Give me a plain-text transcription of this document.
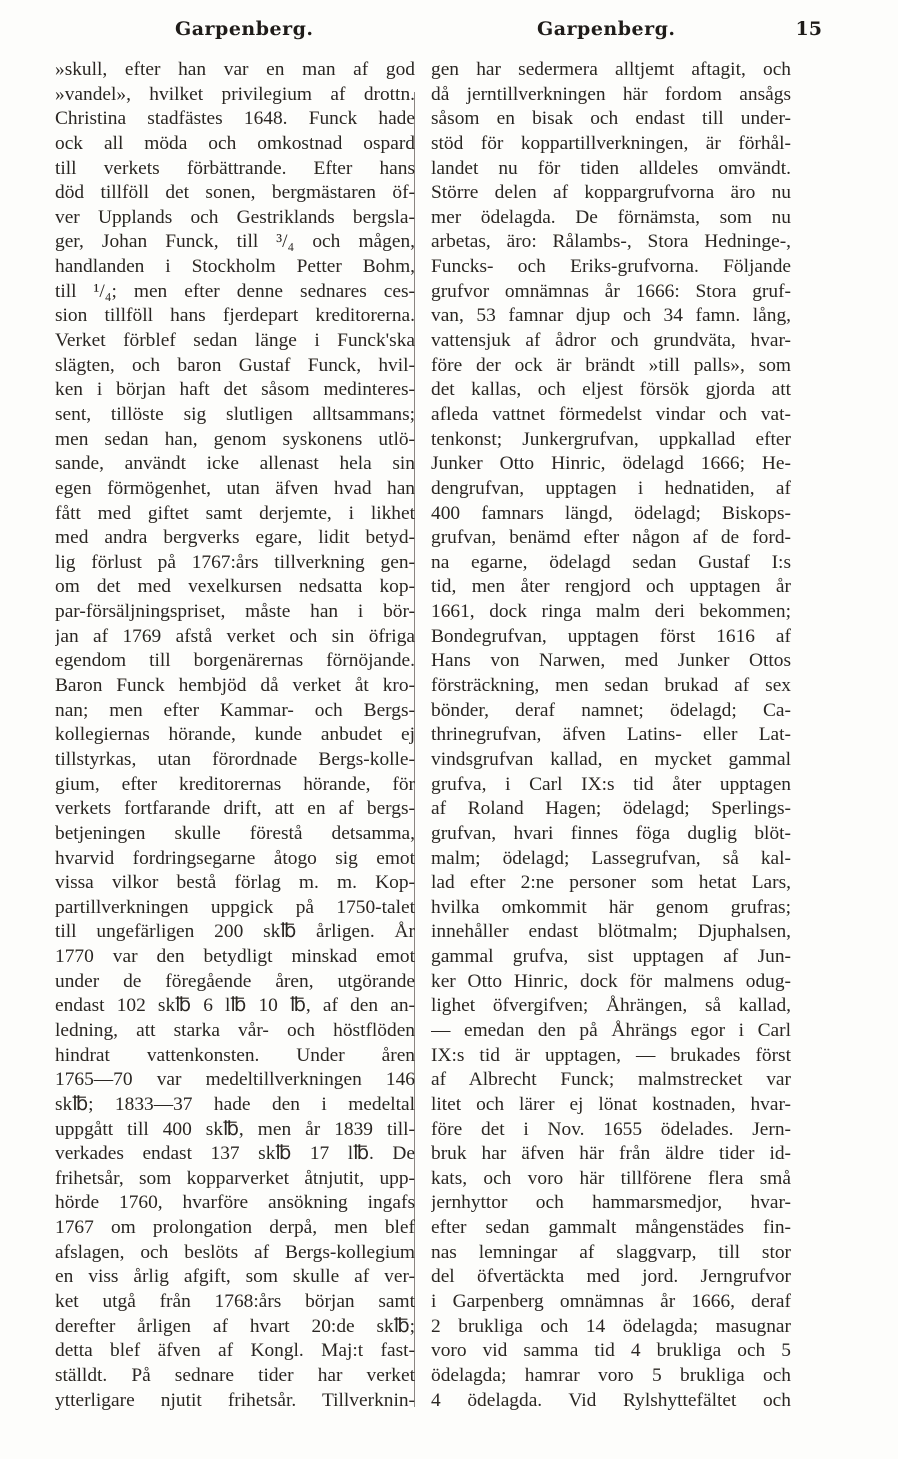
Garpenberg.	Garpenberg.	15
»skull, efter han var en man af god
»vandel», hvilket privilegium af drottn.
Christina stadfästes 1648. Funck hade
ock all möda och omkostnad ospard
till verkets förbättrande. Efter hans
död tillföll det sonen, bergmästaren öf-
ver Upplands och Gestriklands bergsla-
ger, Johan Funck, till ³/₄ och mågen,
handlanden i Stockholm Petter Bohm,
till ¹/₄; men efter denne sednares ces-
sion tillföll hans fjerdepart kreditorerna.
Verket förblef sedan länge i Funck'ska
slägten, och baron Gustaf Funck, hvil-
ken i början haft det såsom medinteres-
sent, tillöste sig slutligen alltsammans;
men sedan han, genom syskonens utlö-
sande, användt icke allenast hela sin
egen förmögenhet, utan äfven hvad han
fått med giftet samt derjemte, i likhet
med andra bergverks egare, lidit betyd-
lig förlust på 1767:års tillverkning gen-
om det med vexelkursen nedsatta kop-
par-försäljningspriset, måste han i bör-
jan af 1769 afstå verket och sin öfriga
egendom till borgenärernas förnöjande.
Baron Funck hembjöd då verket åt kro-
nan; men efter Kammar- och Bergs-
kollegiernas hörande, kunde anbudet ej
tillstyrkas, utan förordnade Bergs-kolle-
gium, efter kreditorernas hörande, för
verkets fortfarande drift, att en af bergs-
betjeningen skulle förestå detsamma,
hvarvid fordringsegarne åtogo sig emot
vissa vilkor bestå förlag m. m. Kop-
partillverkningen uppgick på 1750-talet
till ungefärligen 200 sk℔ årligen. År
1770 var den betydligt minskad emot
under de föregående åren, utgörande
endast 102 sk℔ 6 l℔ 10 ℔, af den an-
ledning, att starka vår- och höstflöden
hindrat vattenkonsten. Under åren
1765—70 var medeltillverkningen 146
sk℔; 1833—37 hade den i medeltal
uppgått till 400 sk℔, men år 1839 till-
verkades endast 137 sk℔ 17 l℔. De
frihetsår, som kopparverket åtnjutit, upp-
hörde 1760, hvarföre ansökning ingafs
1767 om prolongation derpå, men blef
afslagen, och beslöts af Bergs-kollegium
en viss årlig afgift, som skulle af ver-
ket utgå från 1768:års början samt
derefter årligen af hvart 20:de sk℔;
detta blef äfven af Kongl. Maj:t fast-
ställdt. På sednare tider har verket
ytterligare njutit frihetsår. Tillverknin-
gen har sedermera alltjemt aftagit, och
då jerntillverkningen här fordom ansågs
såsom en bisak och endast till under-
stöd för koppartillverkningen, är förhål-
landet nu för tiden alldeles omvändt.
Större delen af koppargrufvorna äro nu
mer ödelagda. De förnämsta, som nu
arbetas, äro: Rålambs-, Stora Hedninge-,
Funcks- och Eriks-grufvorna. Följande
grufvor omnämnas år 1666: Stora gruf-
van, 53 famnar djup och 34 famn. lång,
vattensjuk af ådror och grundväta, hvar-
före der ock är brändt »till palls», som
det kallas, och eljest försök gjorda att
afleda vattnet förmedelst vindar och vat-
tenkonst; Junkergrufvan, uppkallad efter
Junker Otto Hinric, ödelagd 1666; He-
dengrufvan, upptagen i hednatiden, af
400 famnars längd, ödelagd; Biskops-
grufvan, benämd efter någon af de ford-
na egarne, ödelagd sedan Gustaf I:s
tid, men åter rengjord och upptagen år
1661, dock ringa malm deri bekommen;
Bondegrufvan, upptagen först 1616 af
Hans von Narwen, med Junker Ottos
försträckning, men sedan brukad af sex
bönder, deraf namnet; ödelagd; Ca-
thrinegrufvan, äfven Latins- eller Lat-
vindsgrufvan kallad, en mycket gammal
grufva, i Carl IX:s tid åter upptagen
af Roland Hagen; ödelagd; Sperlings-
grufvan, hvari finnes föga duglig blöt-
malm; ödelagd; Lassegrufvan, så kal-
lad efter 2:ne personer som hetat Lars,
hvilka omkommit här genom grufras;
innehåller endast blötmalm; Djuphalsen,
gammal grufva, sist upptagen af Jun-
ker Otto Hinric, dock för malmens odug-
lighet öfvergifven; Åhrängen, så kallad,
— emedan den på Åhrängs egor i Carl
IX:s tid är upptagen, — brukades först
af Albrecht Funck; malmstrecket var
litet och lärer ej lönat kostnaden, hvar-
före det i Nov. 1655 ödelades. Jern-
bruk har äfven här från äldre tider id-
kats, och voro här tillförene flera små
jernhyttor och hammarsmedjor, hvar-
efter sedan gammalt mångenstädes fin-
nas lemningar af slaggvarp, till stor
del öfvertäckta med jord. Jerngrufvor
i Garpenberg omnämnas år 1666, deraf
2 brukliga och 14 ödelagda; masugnar
voro vid samma tid 4 brukliga och 5
ödelagda; hamrar voro 5 brukliga och
4 ödelagda. Vid Rylshyttefältet och
